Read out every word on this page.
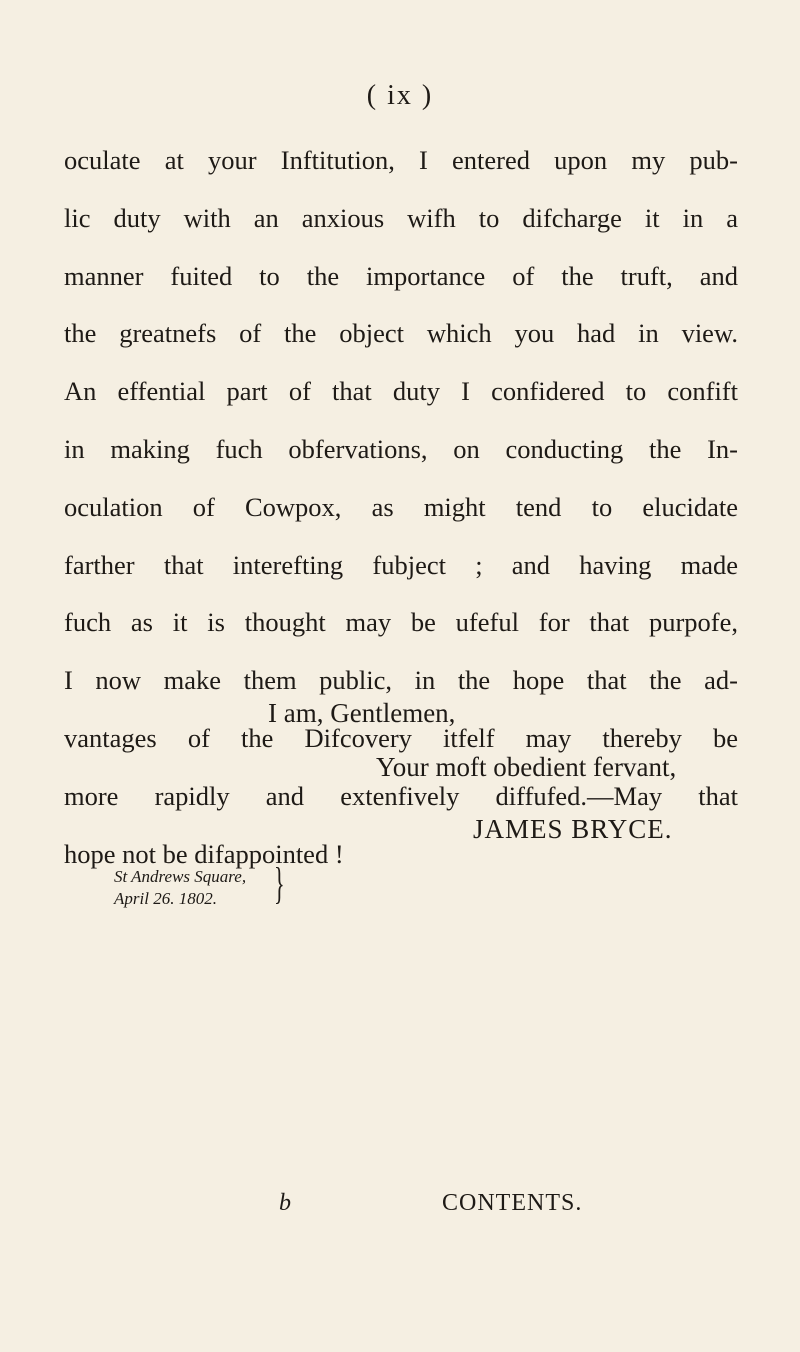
( ix )
oculate at your Inftitution, I entered upon my pub-
lic duty with an anxious wifh to difcharge it in a
manner fuited to the importance of the truft, and
the greatnefs of the object which you had in view.
An effential part of that duty I confidered to confift
in making fuch obfervations, on conducting the In-
oculation of Cowpox, as might tend to elucidate
farther that interefting fubject ; and having made
fuch as it is thought may be ufeful for that purpofe,
I now make them public, in the hope that the ad-
vantages of the Difcovery itfelf may thereby be
more rapidly and extenfively diffufed.—May that
hope not be difappointed !
I am, Gentlemen,
Your moft obedient fervant,
JAMES BRYCE.
St Andrews Square,
April 26. 1802.	}
b	CONTENTS.
